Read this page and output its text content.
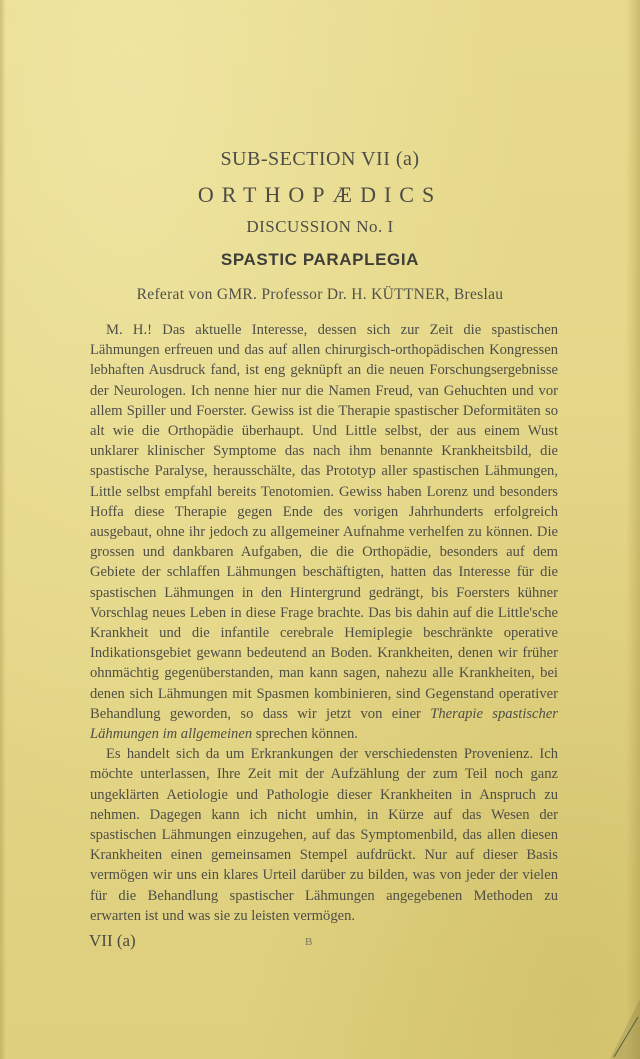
SUB-SECTION VII (a)
ORTHOPÆDICS
DISCUSSION No. I
SPASTIC PARAPLEGIA
Referat von GMR. Professor Dr. H. KÜTTNER, Breslau

M. H.! Das aktuelle Interesse, dessen sich zur Zeit die spastischen Lähmungen erfreuen und das auf allen chirurgisch-orthopädischen Kongressen lebhaften Ausdruck fand, ist eng geknüpft an die neuen Forschungsergebnisse der Neurologen. Ich nenne hier nur die Namen Freud, van Gehuchten und vor allem Spiller und Foerster. Gewiss ist die Therapie spastischer Deformitäten so alt wie die Orthopädie überhaupt. Und Little selbst, der aus einem Wust unklarer klinischer Symptome das nach ihm benannte Krankheitsbild, die spastische Paralyse, herausschälte, das Prototyp aller spastischen Lähmungen, Little selbst empfahl bereits Tenotomien. Gewiss haben Lorenz und besonders Hoffa diese Therapie gegen Ende des vorigen Jahrhunderts erfolgreich ausgebaut, ohne ihr jedoch zu allgemeiner Aufnahme verhelfen zu können. Die grossen und dankbaren Aufgaben, die die Orthopädie, besonders auf dem Gebiete der schlaffen Lähmungen beschäftigten, hatten das Interesse für die spastischen Lähmungen in den Hintergrund gedrängt, bis Foersters kühner Vorschlag neues Leben in diese Frage brachte. Das bis dahin auf die Little'sche Krankheit und die infantile cerebrale Hemiplegie beschränkte operative Indikationsgebiet gewann bedeutend an Boden. Krankheiten, denen wir früher ohnmächtig gegenüberstanden, man kann sagen, nahezu alle Krankheiten, bei denen sich Lähmungen mit Spasmen kombinieren, sind Gegenstand operativer Behandlung geworden, so dass wir jetzt von einer Therapie spastischer Lähmungen im allgemeinen sprechen können.

Es handelt sich da um Erkrankungen der verschiedensten Provenienz. Ich möchte unterlassen, Ihre Zeit mit der Aufzählung der zum Teil noch ganz ungeklärten Aetiologie und Pathologie dieser Krankheiten in Anspruch zu nehmen. Dagegen kann ich nicht umhin, in Kürze auf das Wesen der spastischen Lähmungen einzugehen, auf das Symptomenbild, das allen diesen Krankheiten einen gemeinsamen Stempel aufdrückt. Nur auf dieser Basis vermögen wir uns ein klares Urteil darüber zu bilden, was von jeder der vielen für die Behandlung spastischer Lähmungen angegebenen Methoden zu erwarten ist und was sie zu leisten vermögen.

VII (a)	B
